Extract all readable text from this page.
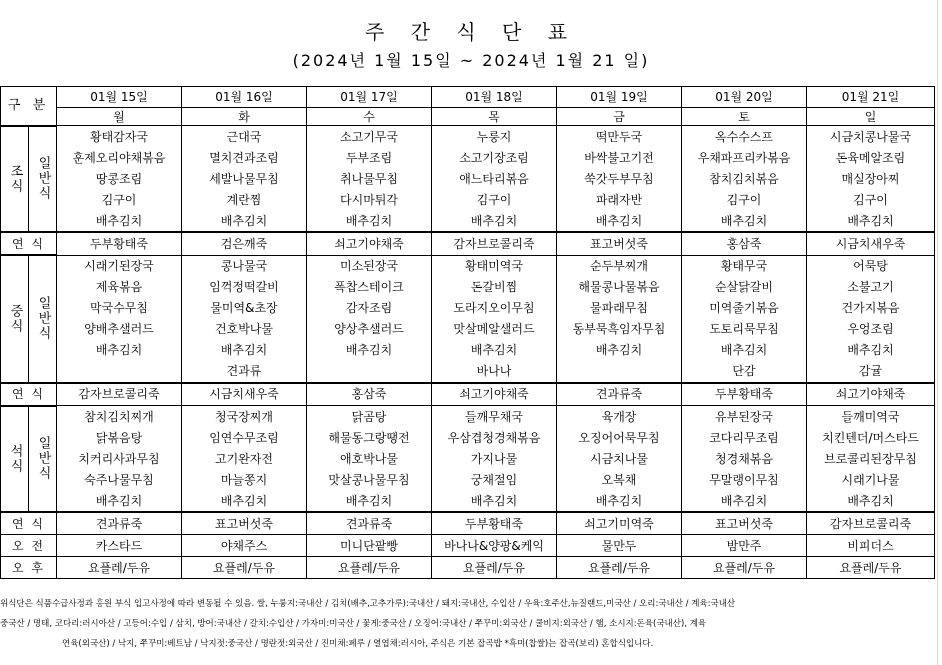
주 간 식 단 표
(2024년 1월 15일 ~ 2024년 1월 21 일)
구 분		01월 15일	01월 16일	01월 17일	01월 18일	01월 19일	01월 20일	01월 21일
		월	화	수	목	금	토	일

조식	일반식	황태감자국	근대국	소고기무국	누룽지	떡만두국	옥수수스프	시금치콩나물국
		훈제오리야채볶음	멸치견과조림	두부조림	소고기장조림	바싹불고기전	우채파프리카볶음	돈육메알조림
		땅콩조림	세발나물무침	취나물무침	애느타리볶음	쑥갓두부무침	참치김치볶음	매실장아찌
		김구이	계란찜	다시마튀각	김구이	파래자반	김구이	김구이
		배추김치	배추김치	배추김치	배추김치	배추김치	배추김치	배추김치
연 식		두부황태죽	검은깨죽	쇠고기야채죽	감자브로콜리죽	표고버섯죽	홍삼죽	시금치새우죽

중식	일반식	시래기된장국	콩나물국	미소된장국	황태미역국	순두부찌개	황태무국	어묵탕
		제육볶음	임꺽정떡갈비	폭찹스테이크	돈갈비찜	해물콩나물볶음	순살닭갈비	소불고기
		막국수무침	물미역&초장	감자조림	도라지오이무침	물파래무침	미역줄기볶음	건가지볶음
		양배추샐러드	건호박나물	양상추샐러드	맛살메알샐러드	동부묵흑임자무침	도토리묵무침	우엉조림
		배추김치	배추김치	배추김치	배추김치	배추김치	배추김치	배추김치
			견과류		바나나		단감	감귤
연 식		감자브로콜리죽	시금치새우죽	홍삼죽	쇠고기야채죽	견과류죽	두부황태죽	쇠고기야채죽

석식	일반식	참치김치찌개	청국장찌개	닭곰탕	들깨무채국	육개장	유부된장국	들깨미역국
		닭볶음탕	임연수무조림	해물동그랑땡전	우삼겹청경채볶음	오징어어묵무침	코다리무조림	치킨텐더/머스타드
		치커리사과무침	고기완자전	애호박나물	가지나물	시금치나물	청경채볶음	브로콜리된장무침
		숙주나물무침	마늘쫑지	맛살콩나물무침	궁채절임	오복채	무말랭이무침	시래기나물
		배추김치	배추김치	배추김치	배추김치	배추김치	배추김치	배추김치
연 식		견과류죽	표고버섯죽	견과류죽	두부황태죽	쇠고기미역죽	표고버섯죽	감자브로콜리죽
오 전		카스타드	야채주스	미니단팥빵	바나나&양팡&케익	물만두	밤만주	비피더스
오 후		요플레/두유	요플레/두유	요플레/두유	요플레/두유	요플레/두유	요플레/두유	요플레/두유
위식단은 식품수급사정과 홍원 부식 입고사정에 따라 변동될 수 있음. 쌀, 누룽지:국내산 / 김치(배추,고추가루):국내산 / 돼지:국내산, 수입산 / 우육:호주산,뉴질랜드,미국산 / 오리:국내산 / 계육:국내산
중국산 / 명태, 코다리:러시아산 / 고등어:수입 / 삼치, 방어:국내산 / 갈치:수입산 / 가자미:미국산 / 꽃게:중국산 / 오징어:국내산 / 쭈꾸미:외국산 / 쿨비지:외국산 / 햄, 소시지:돈육(국내산), 계육
연육(외국산) / 낙지, 쭈꾸미:베트남 / 낙지젓:중국산 / 명란젓:외국산 / 진미채:페루 / 열엽채:러시아, 주식은 기본 잡곡밥 *흑미(찹쌀)는 잡곡(보리) 혼합식입니다.
